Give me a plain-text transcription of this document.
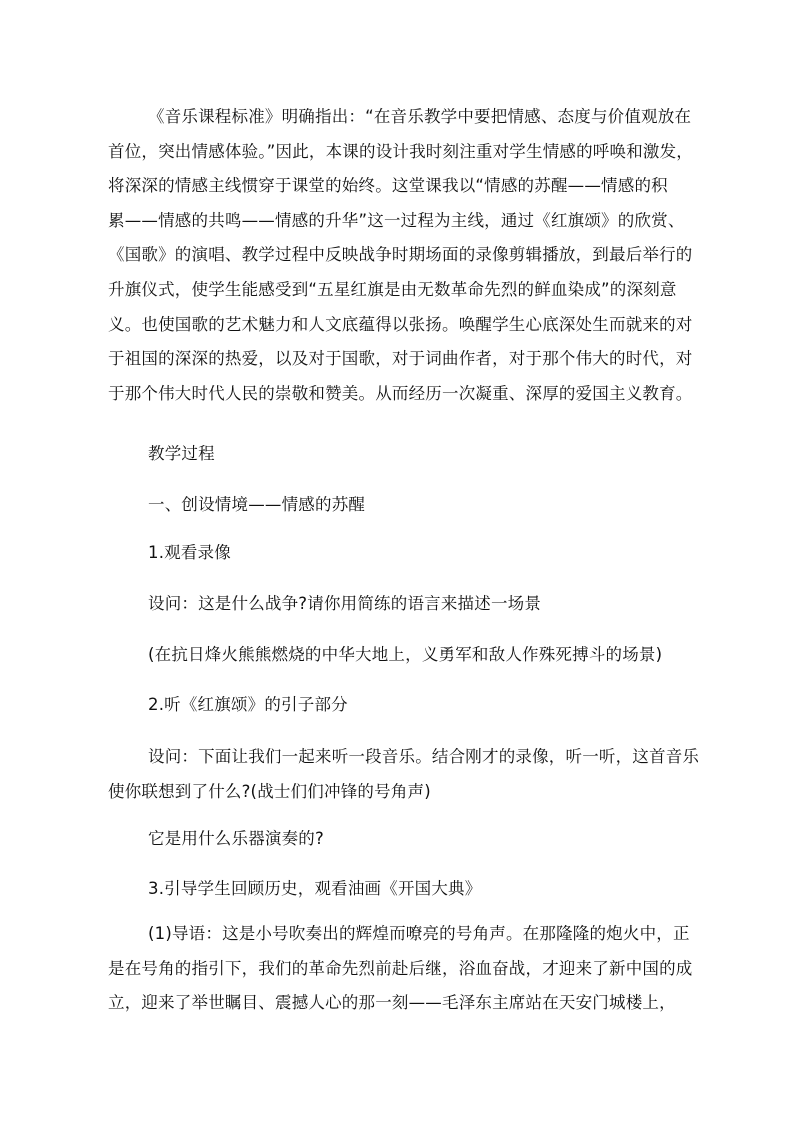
《音乐课程标准》明确指出：“在音乐教学中要把情感、态度与价值观放在
首位，突出情感体验。”因此，本课的设计我时刻注重对学生情感的呼唤和激发，
将深深的情感主线惯穿于课堂的始终。这堂课我以“情感的苏醒——情感的积
累——情感的共鸣——情感的升华”这一过程为主线，通过《红旗颂》的欣赏、
《国歌》的演唱、教学过程中反映战争时期场面的录像剪辑播放，到最后举行的
升旗仪式，使学生能感受到“五星红旗是由无数革命先烈的鲜血染成”的深刻意
义。也使国歌的艺术魅力和人文底蕴得以张扬。唤醒学生心底深处生而就来的对
于祖国的深深的热爱，以及对于国歌，对于词曲作者，对于那个伟大的时代，对
于那个伟大时代人民的崇敬和赞美。从而经历一次凝重、深厚的爱国主义教育。
教学过程
一、创设情境——情感的苏醒
1.观看录像
设问：这是什么战争?请你用简练的语言来描述一场景
(在抗日烽火熊熊燃烧的中华大地上，义勇军和敌人作殊死搏斗的场景)
2.听《红旗颂》的引子部分
设问：下面让我们一起来听一段音乐。结合刚才的录像，听一听，这首音乐
使你联想到了什么?(战士们们冲锋的号角声)
它是用什么乐器演奏的?
3.引导学生回顾历史，观看油画《开国大典》
(1)导语：这是小号吹奏出的辉煌而嘹亮的号角声。在那隆隆的炮火中，正
是在号角的指引下，我们的革命先烈前赴后继，浴血奋战，才迎来了新中国的成
立，迎来了举世瞩目、震撼人心的那一刻——毛泽东主席站在天安门城楼上，
